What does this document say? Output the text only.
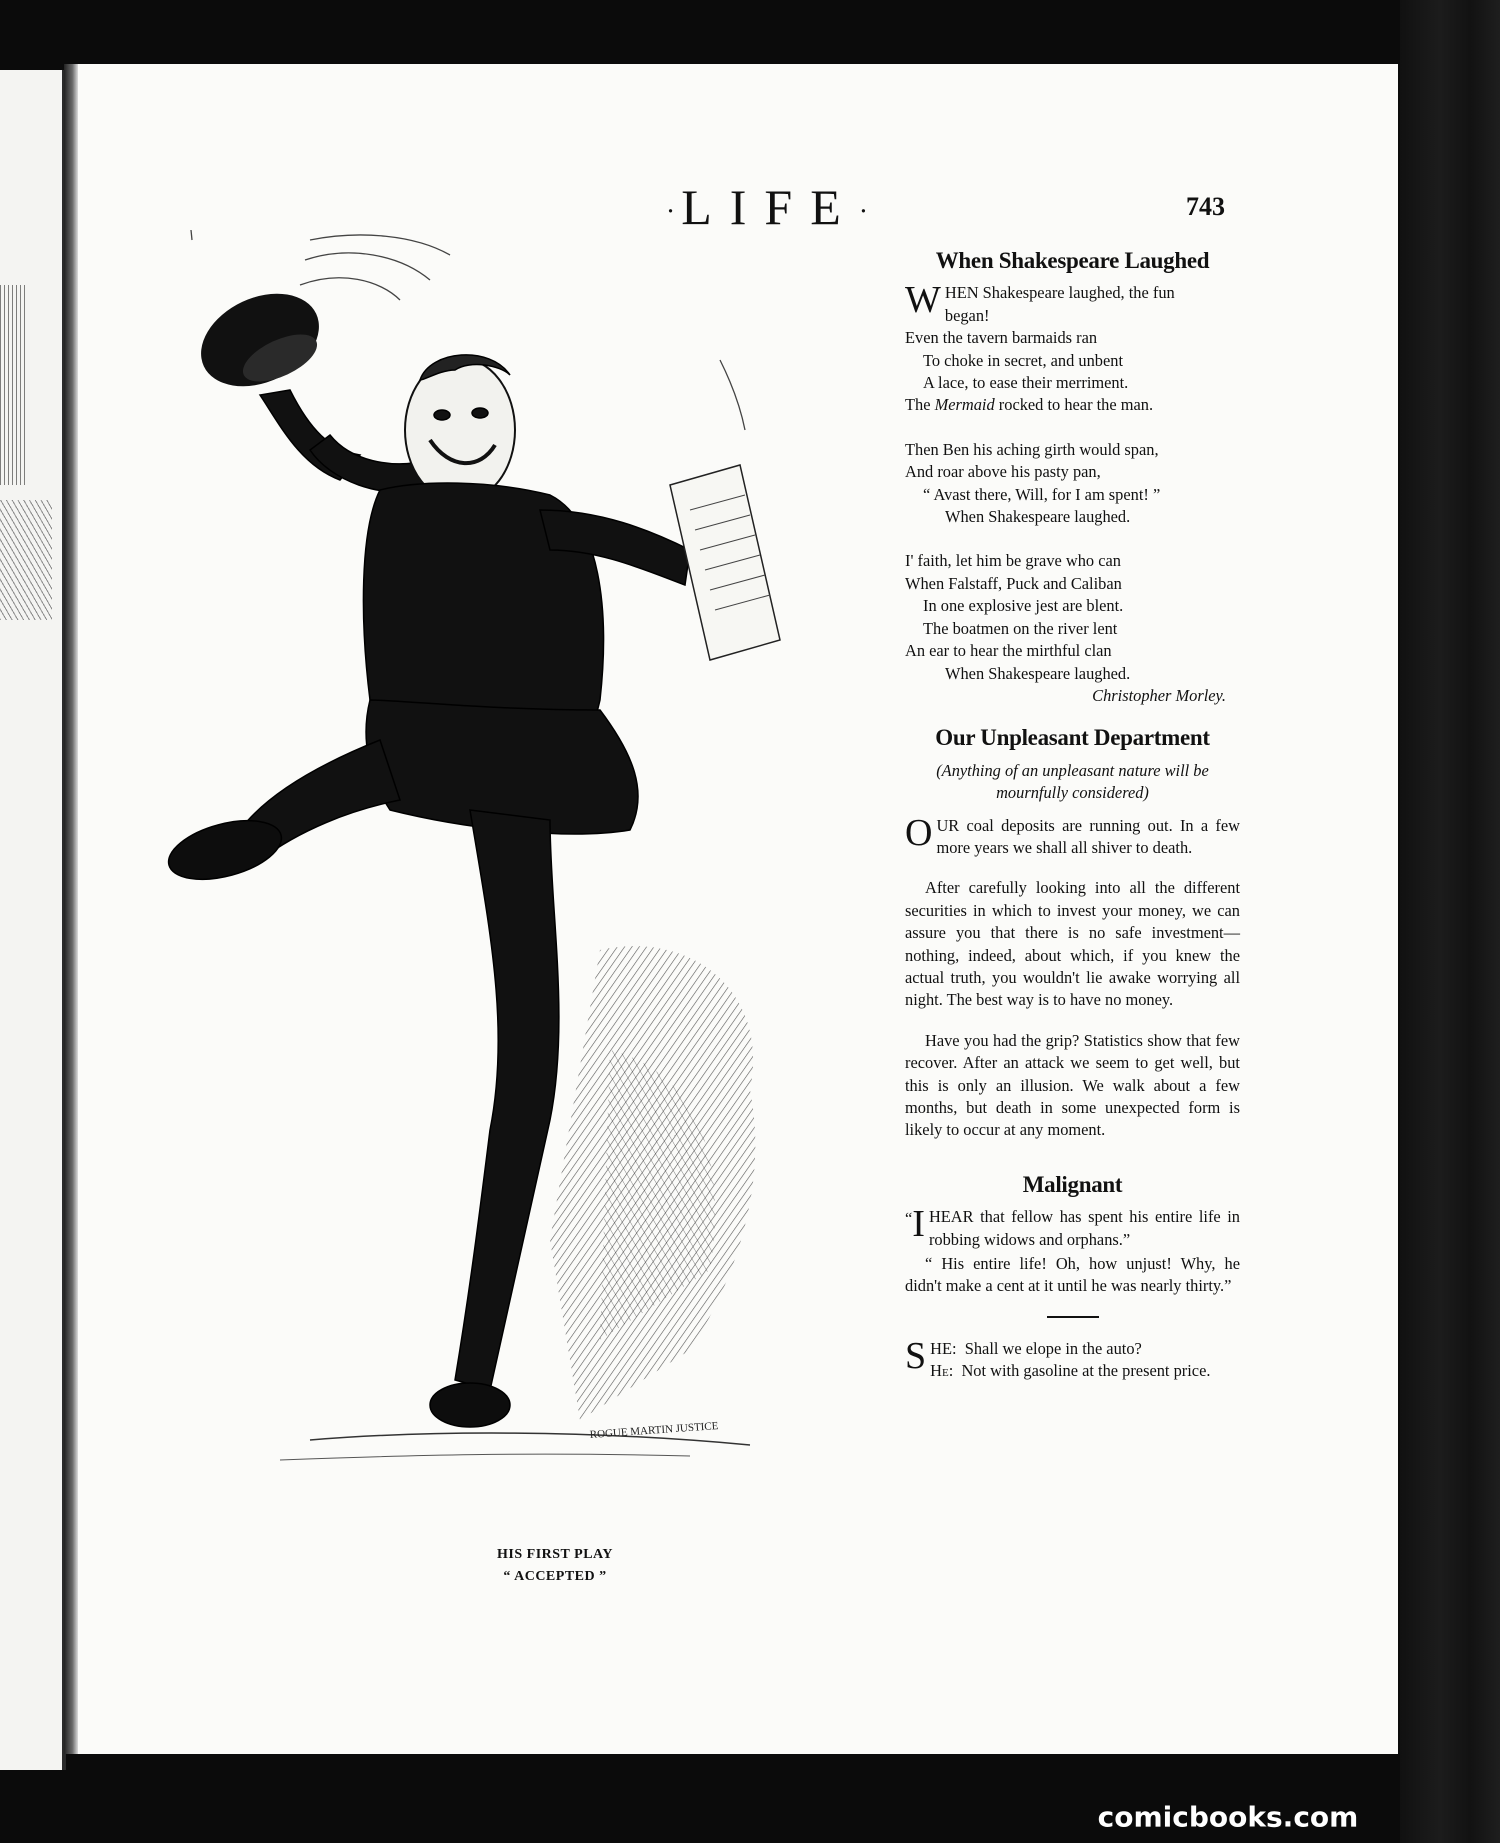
·LIFE·	743
ROGUE MARTIN JUSTICE
HIS FIRST PLAY
“ ACCEPTED ”
When Shakespeare Laughed
W HEN Shakespeare laughed, the fun
began!
Even the tavern barmaids ran
To choke in secret, and unbent
A lace, to ease their merriment.
The Mermaid rocked to hear the man.
Then Ben his aching girth would span,
And roar above his pasty pan,
“ Avast there, Will, for I am spent! ”
When Shakespeare laughed.
I' faith, let him be grave who can
When Falstaff, Puck and Caliban
In one explosive jest are blent.
The boatmen on the river lent
An ear to hear the mirthful clan
When Shakespeare laughed.
Christopher Morley.
Our Unpleasant Department
(Anything of an unpleasant nature will be mournfully considered)
OUR coal deposits are running out. In a few more years we shall all shiver to death.
After carefully looking into all the different securities in which to invest your money, we can assure you that there is no safe investment—nothing, indeed, about which, if you knew the actual truth, you wouldn't lie awake worrying all night. The best way is to have no money.
Have you had the grip? Statistics show that few recover. After an attack we seem to get well, but this is only an illusion. We walk about a few months, but death in some unexpected form is likely to occur at any moment.
Malignant
“ I HEAR that fellow has spent his entire life in robbing widows and orphans.”
“ His entire life! Oh, how unjust! Why, he didn't make a cent at it until he was nearly thirty.”
SHE: Shall we elope in the auto?
He: Not with gasoline at the present price.
comicbooks.com
